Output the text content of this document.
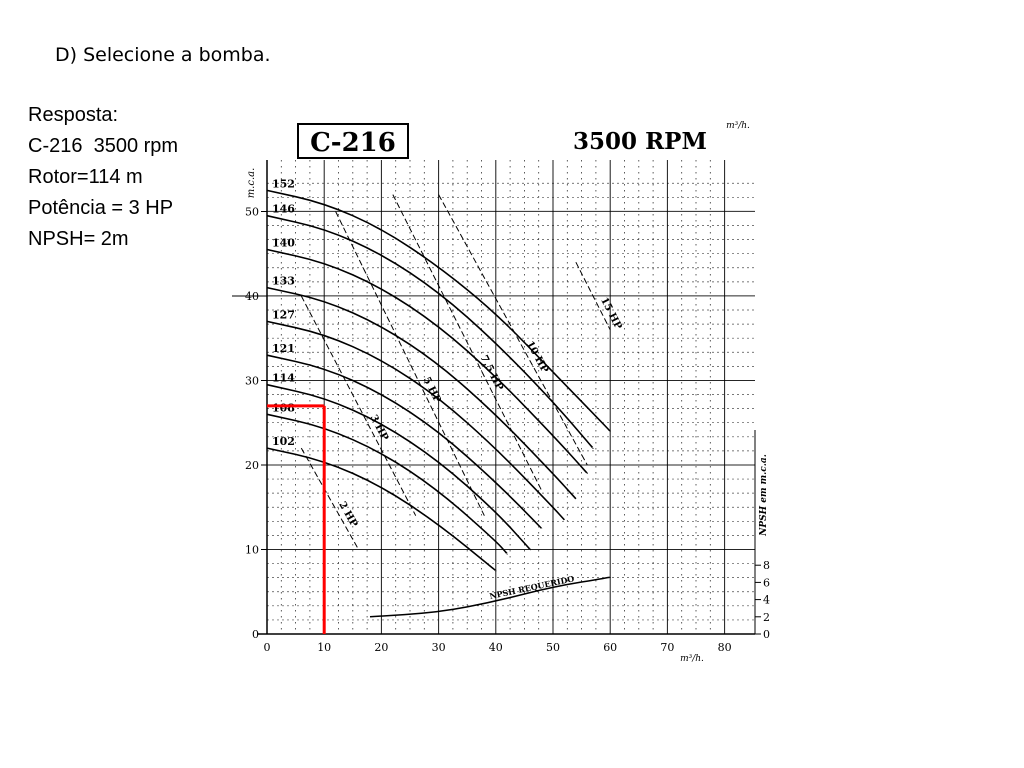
D) Selecione a bomba.
Resposta:
C-216  3500 rpm
Rotor=114 m
Potência = 3 HP
NPSH= 2m
0	10	20	30	40	50	60	70	80
0
10
20
30
40
50
0
2
4
6
8
2 HP
3 HP
5 HP	7,5 HP 10 HP
15 HP
152
146
140
133
127
121
114
108
102
NPSH REQUERIDO
C-216	3500 RPM
m³/h.
m.c.a.
NPSH em m.c.a.
m³/h.
